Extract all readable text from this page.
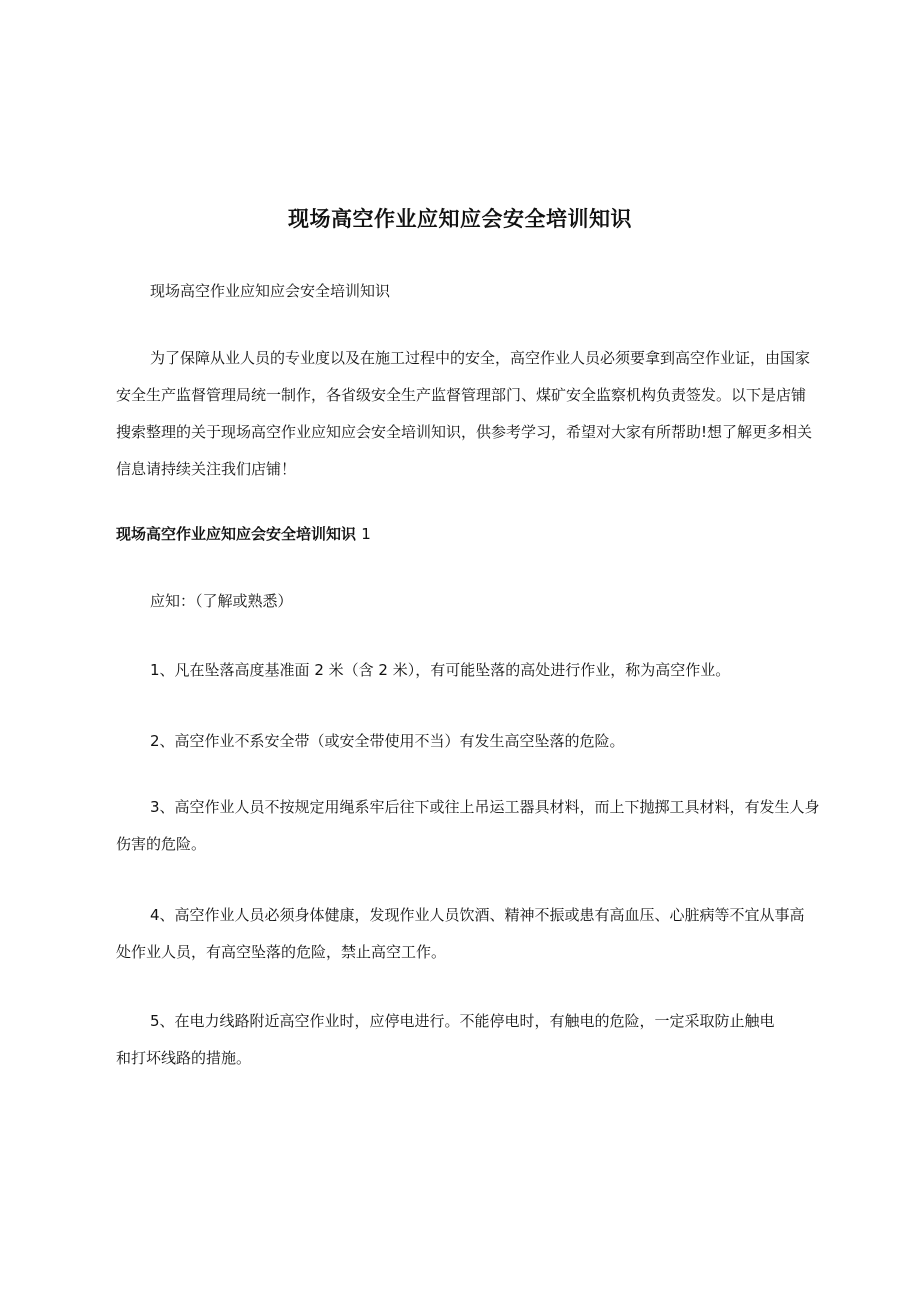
现场高空作业应知应会安全培训知识
现场高空作业应知应会安全培训知识
为了保障从业人员的专业度以及在施工过程中的安全，高空作业人员必须要拿到高空作业证，由国家安全生产监督管理局统一制作，各省级安全生产监督管理部门、煤矿安全监察机构负责签发。以下是店铺搜索整理的关于现场高空作业应知应会安全培训知识，供参考学习，希望对大家有所帮助!想了解更多相关信息请持续关注我们店铺！
现场高空作业应知应会安全培训知识 1
应知：（了解或熟悉）
1、凡在坠落高度基准面 2 米（含 2 米），有可能坠落的高处进行作业，称为高空作业。
2、高空作业不系安全带（或安全带使用不当）有发生高空坠落的危险。
3、高空作业人员不按规定用绳系牢后往下或往上吊运工器具材料，而上下抛掷工具材料，有发生人身伤害的危险。
4、高空作业人员必须身体健康，发现作业人员饮酒、精神不振或患有高血压、心脏病等不宜从事高处作业人员，有高空坠落的危险，禁止高空工作。
5、在电力线路附近高空作业时，应停电进行。不能停电时，有触电的危险，一定采取防止触电和打坏线路的措施。
